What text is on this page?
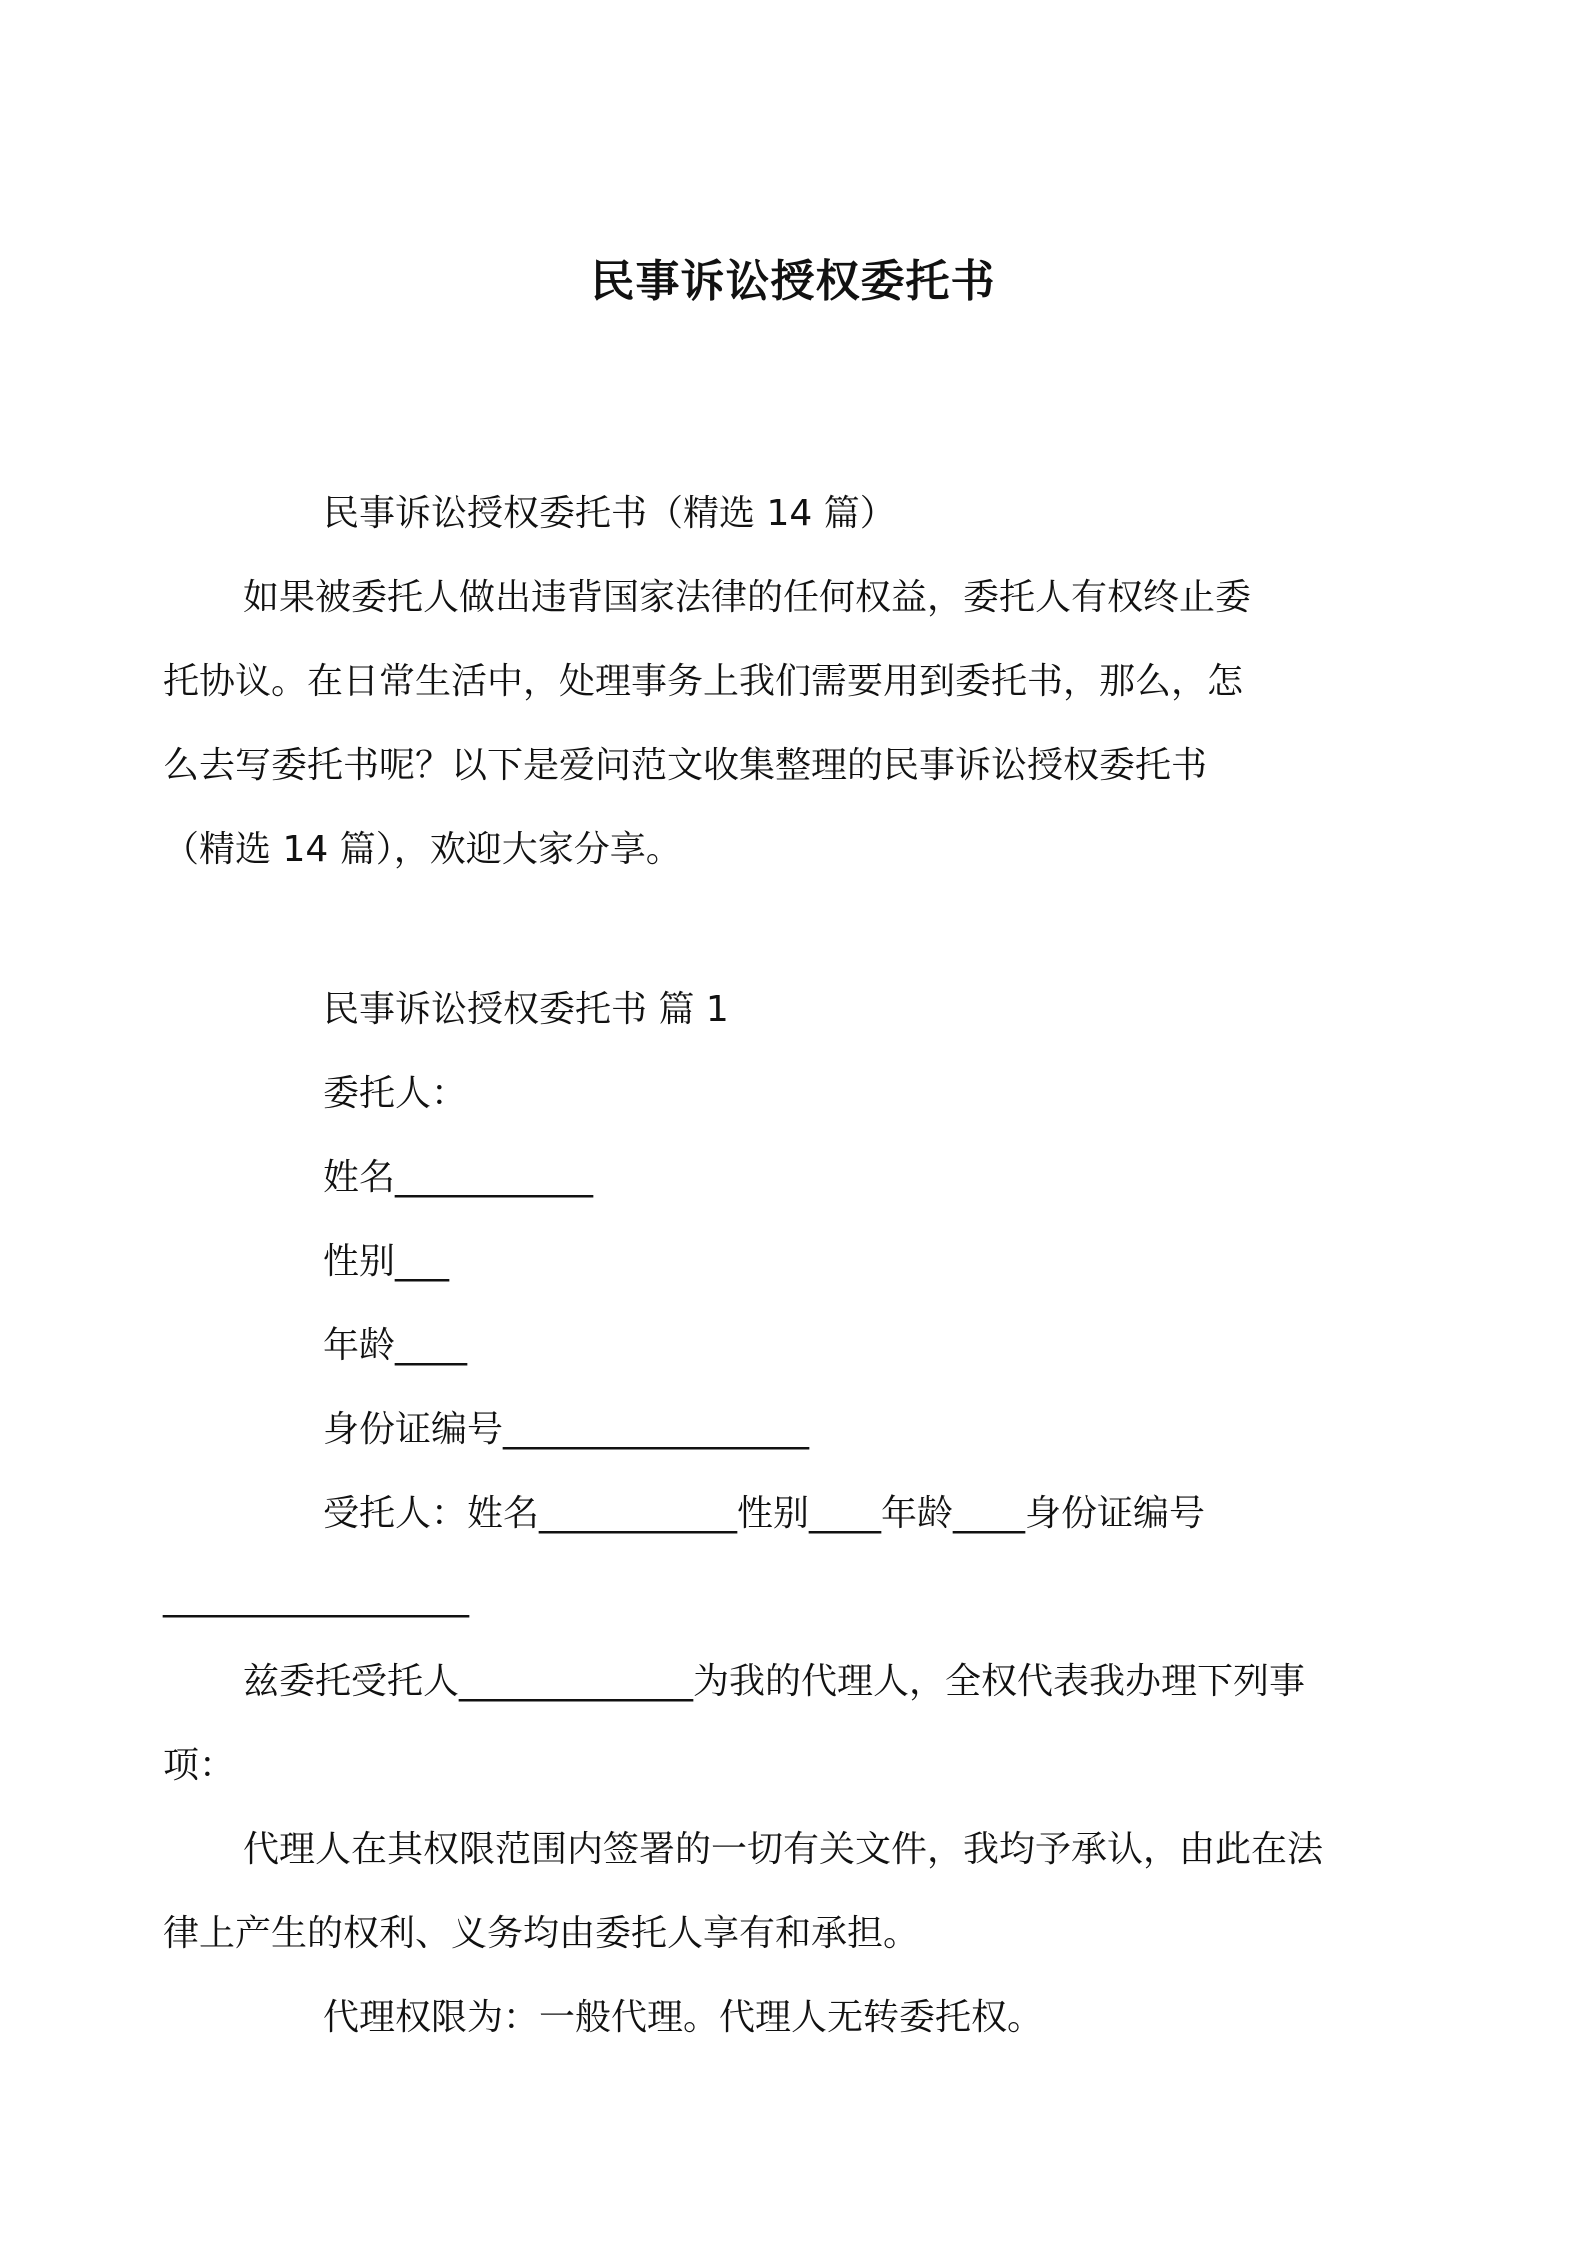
民事诉讼授权委托书

民事诉讼授权委托书（精选 14 篇）

如果被委托人做出违背国家法律的任何权益，委托人有权终止委托协议。在日常生活中，处理事务上我们需要用到委托书，那么，怎么去写委托书呢？以下是爱问范文收集整理的民事诉讼授权委托书（精选 14 篇），欢迎大家分享。

民事诉讼授权委托书 篇 1

委托人：

姓名___________

性别___

年龄____

身份证编号_________________

受托人：姓名___________性别____年龄____身份证编号

_________________

兹委托受托人_____________为我的代理人，全权代表我办理下列事项：

代理人在其权限范围内签署的一切有关文件，我均予承认，由此在法律上产生的权利、义务均由委托人享有和承担。

代理权限为：一般代理。代理人无转委托权。
